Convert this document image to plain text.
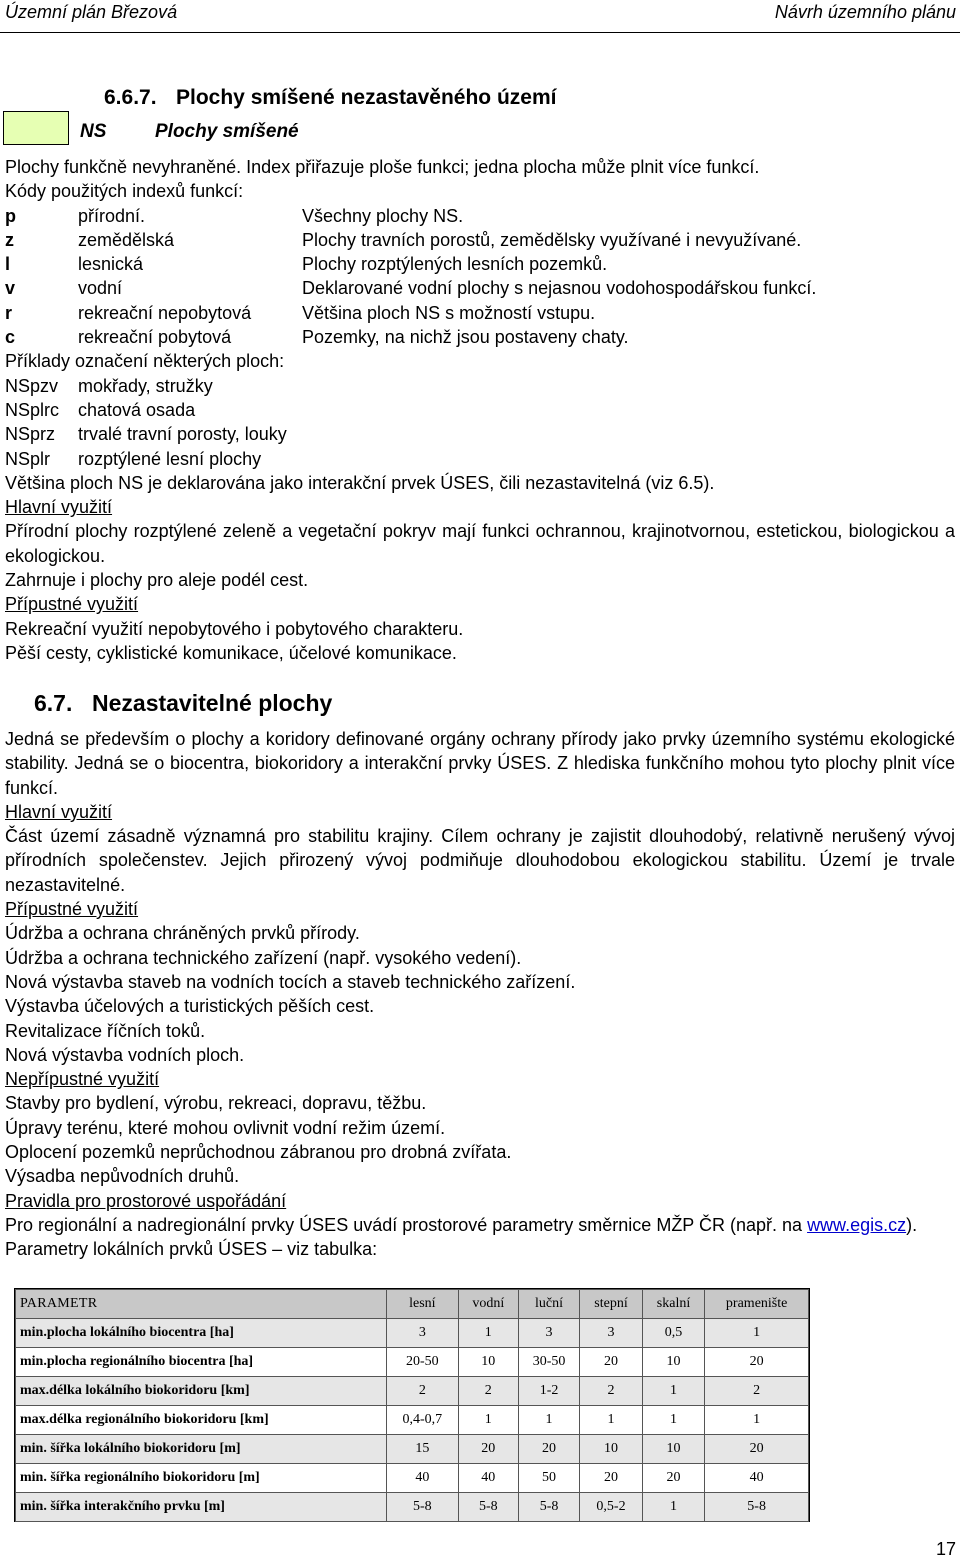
Územní plán Březová	Návrh územního plánu
6.6.7. Plochy smíšené nezastavěného území
NS	Plochy smíšené

Plochy funkčně nevyhraněné. Index přiřazuje ploše funkci; jedna plocha může plnit více funkcí.

Kódy použitých indexů funkcí:

p	přírodní.	Všechny plochy NS.
z	zemědělská	Plochy travních porostů, zemědělsky využívané i nevyužívané.
l	lesnická	Plochy rozptýlených lesních pozemků.
v	vodní	Deklarované vodní plochy s nejasnou vodohospodářskou funkcí.
r	rekreační nepobytová	Většina ploch NS s možností vstupu.
c	rekreační pobytová	Pozemky, na nichž jsou postaveny chaty.

Příklady označení některých ploch:

NSpzv mokřady, stružky
NSplrc chatová osada
NSprz trvalé travní porosty, louky
NSplr rozptýlené lesní plochy

Většina ploch NS je deklarována jako interakční prvek ÚSES, čili nezastavitelná (viz 6.5).

Hlavní využití

Přírodní plochy rozptýlené zeleně a vegetační pokryv mají funkci ochrannou, krajinotvornou, estetickou, biologickou a ekologickou.

Zahrnuje i plochy pro aleje podél cest.

Přípustné využití

Rekreační využití nepobytového i pobytového charakteru.

Pěší cesty, cyklistické komunikace, účelové komunikace.

6.7. Nezastavitelné plochy

Jedná se především o plochy a koridory definované orgány ochrany přírody jako prvky územního systému ekologické stability. Jedná se o biocentra, biokoridory a interakční prvky ÚSES. Z hlediska funkčního mohou tyto plochy plnit více funkcí.

Hlavní využití

Část území zásadně významná pro stabilitu krajiny. Cílem ochrany je zajistit dlouhodobý, relativně nerušený vývoj přírodních společenstev. Jejich přirozený vývoj podmiňuje dlouhodobou ekologickou stabilitu. Území je trvale nezastavitelné.

Přípustné využití

Údržba a ochrana chráněných prvků přírody.

Údržba a ochrana technického zařízení (např. vysokého vedení).

Nová výstavba staveb na vodních tocích a staveb technického zařízení.

Výstavba účelových a turistických pěších cest.

Revitalizace říčních toků.

Nová výstavba vodních ploch.

Nepřípustné využití

Stavby pro bydlení, výrobu, rekreaci, dopravu, těžbu.

Úpravy terénu, které mohou ovlivnit vodní režim území.

Oplocení pozemků neprůchodnou zábranou pro drobná zvířata.

Výsadba nepůvodních druhů.

Pravidla pro prostorové uspořádání

Pro regionální a nadregionální prvky ÚSES uvádí prostorové parametry směrnice MŽP ČR (např. na www.egis.cz).

Parametry lokálních prvků ÚSES – viz tabulka:

PARAMETR	lesní	vodní	luční	stepní	skalní	pramenište
min.plocha lokálního biocentra [ha]	3	1	3	3	0,5	1
min.plocha regionálního biocentra [ha]	20-50	10	30-50	20	10	20
max.délka lokálního biokoridoru [km]	2	2	1-2	2	1	2
max.délka regionálního biokoridoru [km]	0,4-0,7	1	1	1	1	1
min. šířka lokálního biokoridoru [m]	15	20	20	10	10	20
min. šířka regionálního biokoridoru [m]	40	40	50	20	20	40
min. šířka interakčního prvku [m]	5-8	5-8	5-8	0,5-2	1	5-8
17
